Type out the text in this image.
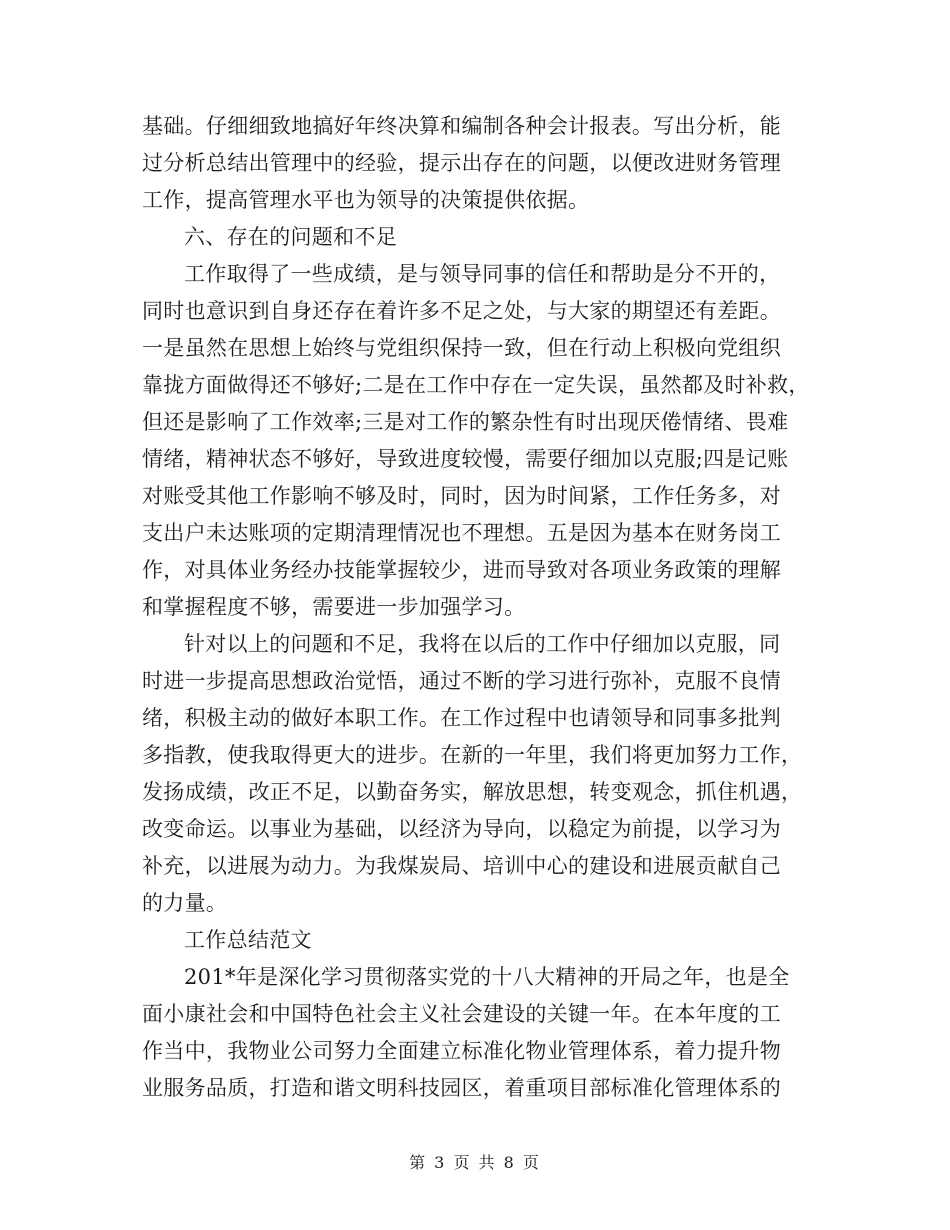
基础。仔细细致地搞好年终决算和编制各种会计报表。写出分析，能
过分析总结出管理中的经验，提示出存在的问题，以便改进财务管理
工作，提高管理水平也为领导的决策提供依据。
六、存在的问题和不足
工作取得了一些成绩，是与领导同事的信任和帮助是分不开的，
同时也意识到自身还存在着许多不足之处，与大家的期望还有差距。
一是虽然在思想上始终与党组织保持一致，但在行动上积极向党组织
靠拢方面做得还不够好;二是在工作中存在一定失误，虽然都及时补救，
但还是影响了工作效率;三是对工作的繁杂性有时出现厌倦情绪、畏难
情绪，精神状态不够好，导致进度较慢，需要仔细加以克服;四是记账
对账受其他工作影响不够及时，同时，因为时间紧，工作任务多，对
支出户未达账项的定期清理情况也不理想。五是因为基本在财务岗工
作，对具体业务经办技能掌握较少，进而导致对各项业务政策的理解
和掌握程度不够，需要进一步加强学习。
针对以上的问题和不足，我将在以后的工作中仔细加以克服，同
时进一步提高思想政治觉悟，通过不断的学习进行弥补，克服不良情
绪，积极主动的做好本职工作。在工作过程中也请领导和同事多批判
多指教，使我取得更大的进步。在新的一年里，我们将更加努力工作，
发扬成绩，改正不足，以勤奋务实，解放思想，转变观念，抓住机遇，
改变命运。以事业为基础，以经济为导向，以稳定为前提，以学习为
补充，以进展为动力。为我煤炭局、培训中心的建设和进展贡献自己
的力量。
工作总结范文
201*年是深化学习贯彻落实党的十八大精神的开局之年，也是全
面小康社会和中国特色社会主义社会建设的关键一年。在本年度的工
作当中，我物业公司努力全面建立标准化物业管理体系，着力提升物
业服务品质，打造和谐文明科技园区，着重项目部标准化管理体系的
第 3 页 共 8 页
